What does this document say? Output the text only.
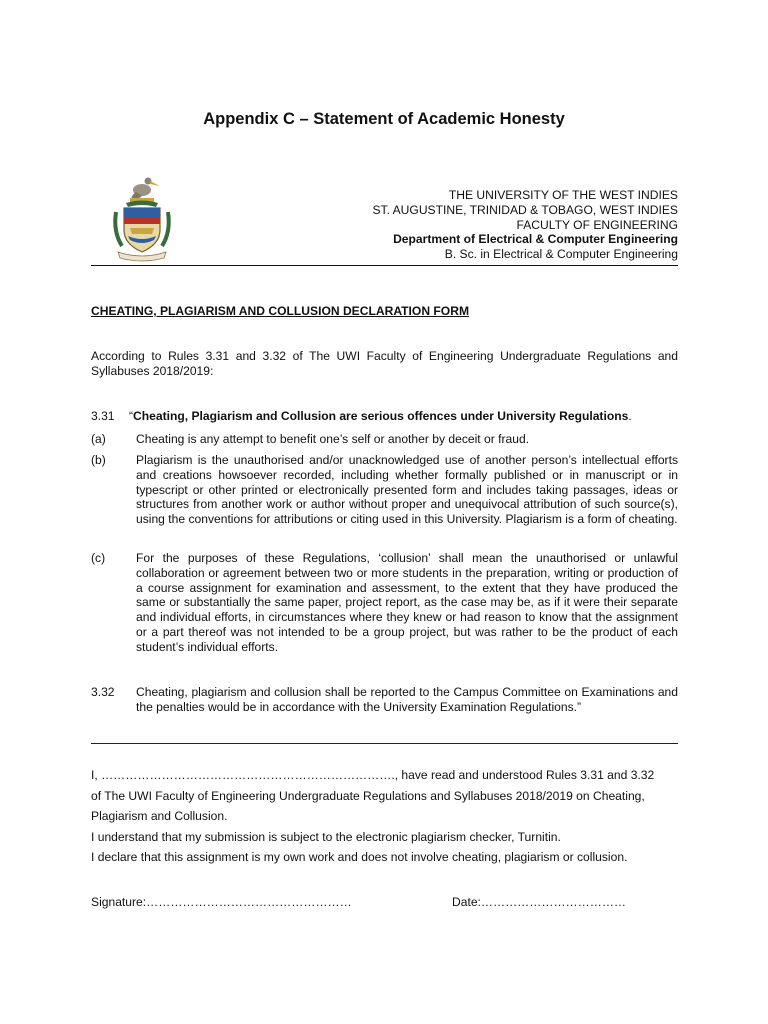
Appendix C – Statement of Academic Honesty
THE UNIVERSITY OF THE WEST INDIES
ST. AUGUSTINE, TRINIDAD & TOBAGO, WEST INDIES
FACULTY OF ENGINEERING
Department of Electrical & Computer Engineering
B. Sc. in Electrical & Computer Engineering
CHEATING, PLAGIARISM AND COLLUSION DECLARATION FORM
According to Rules 3.31 and 3.32 of The UWI Faculty of Engineering Undergraduate Regulations and Syllabuses 2018/2019:
3.31 “Cheating, Plagiarism and Collusion are serious offences under University Regulations.
(a) Cheating is any attempt to benefit one’s self or another by deceit or fraud.
(b) Plagiarism is the unauthorised and/or unacknowledged use of another person’s intellectual efforts and creations howsoever recorded, including whether formally published or in manuscript or in typescript or other printed or electronically presented form and includes taking passages, ideas or structures from another work or author without proper and unequivocal attribution of such source(s), using the conventions for attributions or citing used in this University. Plagiarism is a form of cheating.
(c)	For the purposes of these Regulations, ‘collusion’ shall mean the unauthorised or unlawful collaboration or agreement between two or more students in the preparation, writing or production of a course assignment for examination and assessment, to the extent that they have produced the same or substantially the same paper, project report, as the case may be, as if it were their separate and individual efforts, in circumstances where they knew or had reason to know that the assignment or a part thereof was not intended to be a group project, but was rather to be the product of each student’s individual efforts.
3.32 Cheating, plagiarism and collusion shall be reported to the Campus Committee on Examinations and the penalties would be in accordance with the University Examination Regulations.”
I, ………………………………………………………………., have read and understood Rules 3.31 and 3.32
of The UWI Faculty of Engineering Undergraduate Regulations and Syllabuses 2018/2019 on Cheating,
Plagiarism and Collusion.
I understand that my submission is subject to the electronic plagiarism checker, Turnitin.
I declare that this assignment is my own work and does not involve cheating, plagiarism or collusion.
Signature:……………………………………………	Date:………………………………
